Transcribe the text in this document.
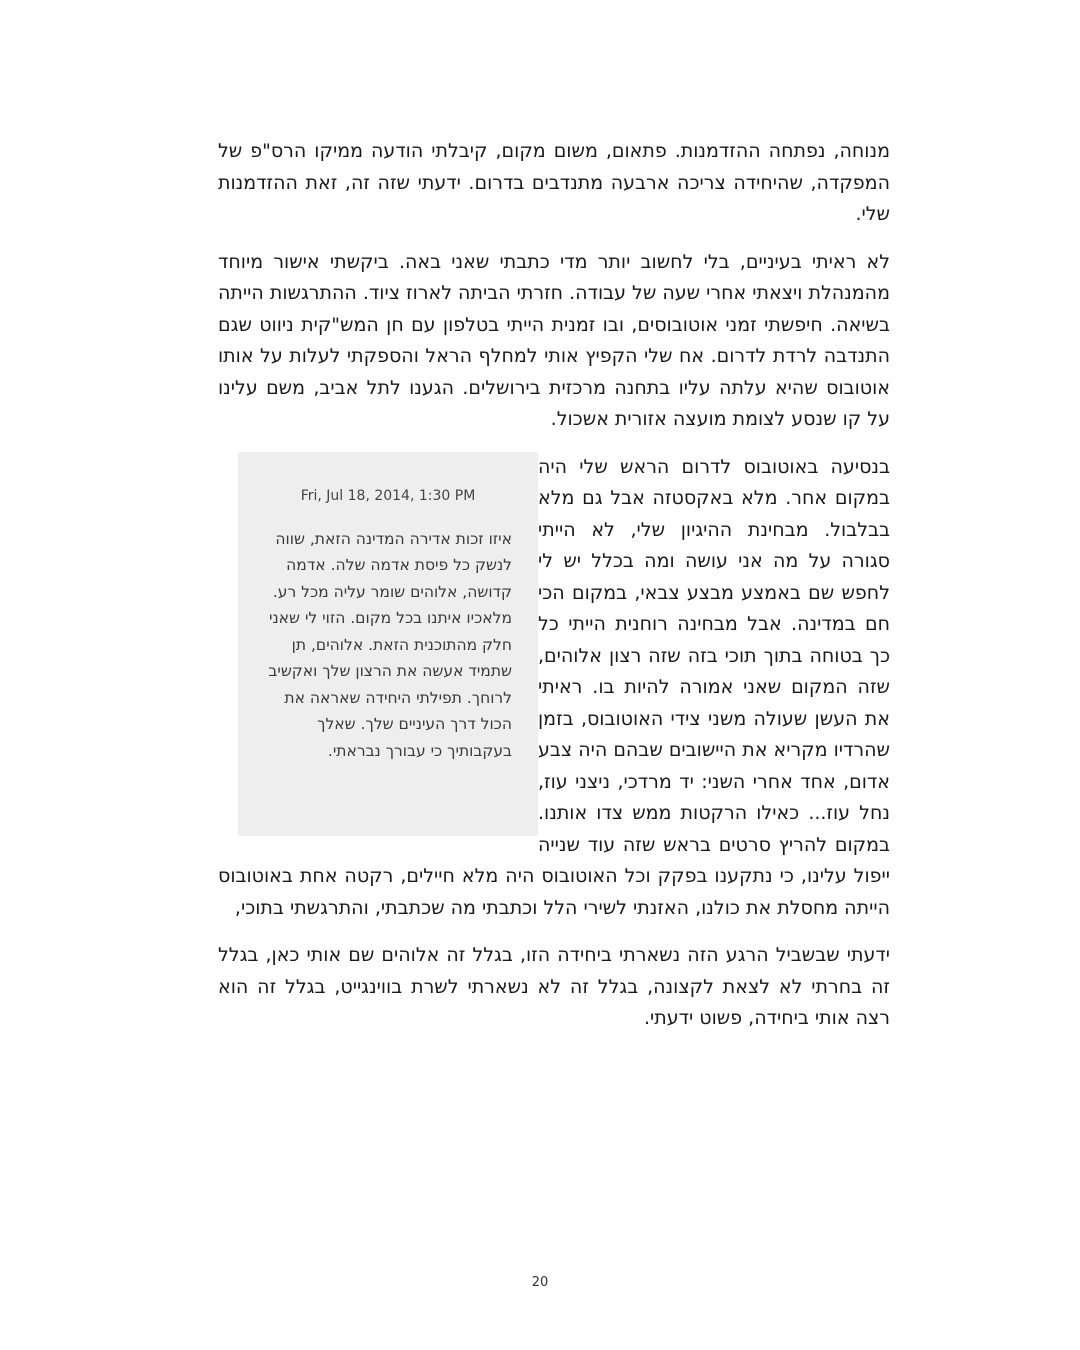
מנוחה, נפתחה ההזדמנות. פתאום, משום מקום, קיבלתי הודעה ממיקו הרס"פ של המפקדה, שהיחידה צריכה ארבעה מתנדבים בדרום. ידעתי שזה זה, זאת ההזדמנות שלי.

לא ראיתי בעיניים, בלי לחשוב יותר מדי כתבתי שאני באה. ביקשתי אישור מיוחד מהמנהלת ויצאתי אחרי שעה של עבודה. חזרתי הביתה לארוז ציוד. ההתרגשות הייתה בשיאה. חיפשתי זמני אוטובוסים, ובו זמנית הייתי בטלפון עם חן המש"קית ניווט שגם התנדבה לרדת לדרום. אח שלי הקפיץ אותי למחלף הראל והספקתי לעלות על אותו אוטובוס שהיא עלתה עליו בתחנה מרכזית בירושלים. הגענו לתל אביב, משם עלינו על קו שנסע לצומת מועצה אזורית אשכול.

Fri, Jul 18, 2014, 1:30 PM
איזו זכות אדירה המדינה הזאת, שווה לנשק כל פיסת אדמה שלה. אדמה קדושה, אלוהים שומר עליה מכל רע. מלאכיו איתנו בכל מקום. הזוי לי שאני חלק מהתוכנית הזאת. אלוהים, תן שתמיד אעשה את הרצון שלך ואקשיב לרוחך. תפילתי היחידה שאראה את הכול דרך העיניים שלך. שאלך בעקבותיך כי עבורך נבראתי.

בנסיעה באוטובוס לדרום הראש שלי היה במקום אחר. מלא באקסטזה אבל גם מלא בבלבול. מבחינת ההיגיון שלי, לא הייתי סגורה על מה אני עושה ומה בכלל יש לי לחפש שם באמצע מבצע צבאי, במקום הכי חם במדינה. אבל מבחינה רוחנית הייתי כל כך בטוחה בתוך תוכי בזה שזה רצון אלוהים, שזה המקום שאני אמורה להיות בו. ראיתי את העשן שעולה משני צידי האוטובוס, בזמן שהרדיו מקריא את היישובים שבהם היה צבע אדום, אחד אחרי השני: יד מרדכי, ניצני עוז, נחל עוז... כאילו הרקטות ממש צדו אותנו. במקום להריץ סרטים בראש שזה עוד שנייה ייפול עלינו, כי נתקענו בפקק וכל האוטובוס היה מלא חיילים, רקטה אחת באוטובוס הייתה מחסלת את כולנו, האזנתי לשירי הלל וכתבתי מה שכתבתי, והתרגשתי בתוכי,

ידעתי שבשביל הרגע הזה נשארתי ביחידה הזו, בגלל זה אלוהים שם אותי כאן, בגלל זה בחרתי לא לצאת לקצונה, בגלל זה לא נשארתי לשרת בווינגייט, בגלל זה הוא רצה אותי ביחידה, פשוט ידעתי.

20
